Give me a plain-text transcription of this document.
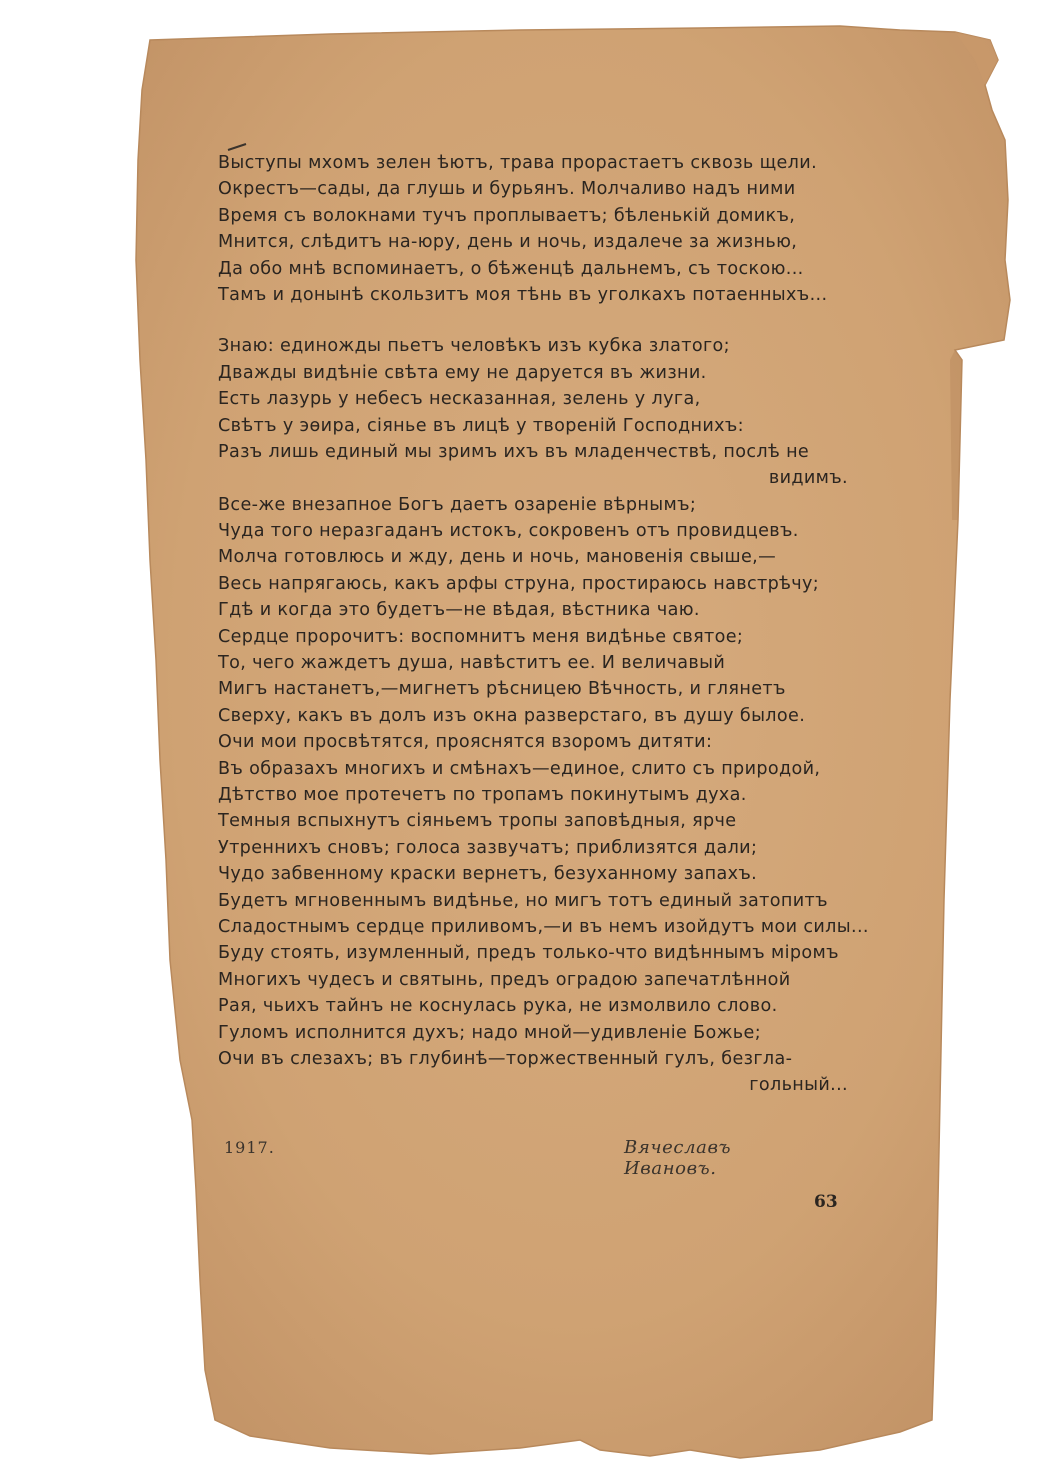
Выступы мхомъ зелен ѣютъ, трава прорастаетъ сквозь щели.
Окрестъ—сады, да глушь и бурьянъ. Молчаливо надъ ними
Время съ волокнами тучъ проплываетъ; бѣленькій домикъ,
Мнится, слѣдитъ на-юру, день и ночь, издалече за жизнью,
Да обо мнѣ вспоминаетъ, о бѣженцѣ дальнемъ, съ тоскою...
Тамъ и донынѣ скользитъ моя тѣнь въ уголкахъ потаенныхъ...
Знаю: единожды пьетъ человѣкъ изъ кубка златого;
Дважды видѣніе свѣта ему не даруется въ жизни.
Есть лазурь у небесъ несказанная, зелень у луга,
Свѣтъ у эѳира, сіянье въ лицѣ у твореній Господнихъ:
Разъ лишь единый мы зримъ ихъ въ младенчествѣ, послѣ не
видимъ.
Все-же внезапное Богъ даетъ озареніе вѣрнымъ;
Чуда того неразгаданъ истокъ, сокровенъ отъ провидцевъ.
Молча готовлюсь и жду, день и ночь, мановенія свыше,—
Весь напрягаюсь, какъ арфы струна, простираюсь навстрѣчу;
Гдѣ и когда это будетъ—не вѣдая, вѣстника чаю.
Сердце пророчитъ: воспомнитъ меня видѣнье святое;
То, чего жаждетъ душа, навѣститъ ее. И величавый
Мигъ настанетъ,—мигнетъ рѣсницею Вѣчность, и глянетъ
Сверху, какъ въ долъ изъ окна разверстаго, въ душу былое.
Очи мои просвѣтятся, прояснятся взоромъ дитяти:
Въ образахъ многихъ и смѣнахъ—единое, слито съ природой,
Дѣтство мое протечетъ по тропамъ покинутымъ духа.
Темныя вспыхнутъ сіяньемъ тропы заповѣдныя, ярче
Утреннихъ сновъ; голоса зазвучатъ; приблизятся дали;
Чудо забвенному краски вернетъ, безуханному запахъ.
Будетъ мгновеннымъ видѣнье, но мигъ тотъ единый затопитъ
Сладостнымъ сердце приливомъ,—и въ немъ изойдутъ мои силы...
Буду стоять, изумленный, предъ только-что видѣннымъ міромъ
Многихъ чудесъ и святынь, предъ оградою запечатлѣнной
Рая, чьихъ тайнъ не коснулась рука, не измолвило слово.
Гуломъ исполнится духъ; надо мной—удивленіе Божье;
Очи въ слезахъ; въ глубинѣ—торжественный гулъ, безгла-
гольный...
1917.	Вячеславъ Ивановъ.
63
